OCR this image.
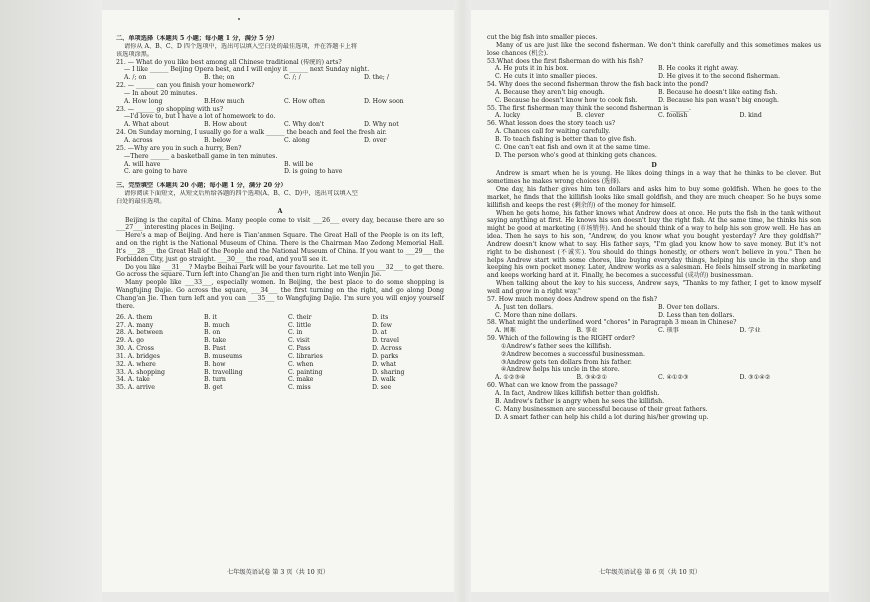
二、单项选择（本题共 5 小题；每小题 1 分，满分 5 分）
请你从 A、B、C、D 四个选项中，选出可以填入空白处的最佳选项，并在答题卡上将
该选项涂黑。
21. — What do you like best among all Chinese traditional (传统的) arts?
— I like ______ Beijing Opera best, and I will enjoy it ______ next Sunday night.
A. /; on	B. the; on	C. /; /	D. the; /
22. — ______ can you finish your homework?
— In about 20 minutes.
A. How long	B.How much	C. How often	D. How soon
23. — ______ go shopping with us?
—I'd love to, but I have a lot of homework to do.
A. What about	B. How about	C. Why don't	D. Why not
24. On Sunday morning, I usually go for a walk ______ the beach and feel the fresh air.
A. across	B. below	C. along	D. over
25. —Why are you in such a hurry, Ben?
—There ______ a basketball game in ten minutes.
A. will have	B. will be
C. are going to have	D. is going to have
三、完型填空（本题共 20 小题；每小题 1 分，满分 20 分）
请你阅读下面短文，从短文后所给各题的四个选项(A、B、C、D)中，选出可以填入空
白处的最佳选项。
A
Beijing is the capital of China. Many people come to visit ___26___ every day, because there are so ___27___ interesting places in Beijing.
Here's a map of Beijing. And here is Tian'anmen Square. The Great Hall of the People is on its left, and on the right is the National Museum of China. There is the Chairman Mao Zedong Memorial Hall. It's ___28___ the Great Hall of the People and the National Museum of China. If you want to ___29___ the Forbidden City, just go straight. ___30___ the road, and you'll see it.
Do you like ___31___? Maybe Beihai Park will be your favourite. Let me tell you ___32___ to get there. Go across the square. Turn left into Chang'an Jie and then turn right into Wenjin Jie.
Many people like ___33___, especially women. In Beijing, the best place to do some shopping is Wangfujing Dajie. Go across the square, ___34___ the first turning on the right, and go along Dong Chang'an Jie. Then turn left and you can ___35___ to Wangfujing Dajie. I'm sure you will enjoy yourself there.
26. A. them	B. it	C. their	D. its
27. A. many	B. much	C. little	D. few
28. A. between	B. on	C. in	D. at
29. A. go	B. take	C. visit	D. travel
30. A. Cross	B. Past	C. Pass	D. Across
31. A. bridges	B. museums	C. libraries	D. parks
32. A. where	B. how	C. when	D. what
33. A. shopping	B. travelling	C. painting	D. sharing
34. A. take	B. turn	C. make	D. walk
35. A. arrive	B. get	C. miss	D. see
七年级英语试卷 第 3 页（共 10 页）
cut the big fish into smaller pieces.
Many of us are just like the second fisherman. We don't think carefully and this sometimes makes us lose chances (机会).
53.What does the first fisherman do with his fish?
A. He puts it in his box.	B. He cooks it right away.
C. He cuts it into smaller pieces.	D. He gives it to the second fisherman.
54. Why does the second fisherman throw the fish back into the pond?
A. Because they aren't big enough.	B. Because he doesn't like eating fish.
C. Because he doesn't know how to cook fish.	D. Because his pan wasn't big enough.
55. The first fisherman may think the second fisherman is ______.
A. lucky	B. clever	C. foolish	D. kind
56. What lesson does the story teach us?
A. Chances call for waiting carefully.
B. To teach fishing is better than to give fish.
C. One can't eat fish and own it at the same time.
D. The person who's good at thinking gets chances.
D
Andrew is smart when he is young. He likes doing things in a way that he thinks to be clever. But sometimes he makes wrong choices (选择).
One day, his father gives him ten dollars and asks him to buy some goldfish. When he goes to the market, he finds that the killifish looks like small goldfish, and they are much cheaper. So he buys some killifish and keeps the rest (剩余的) of the money for himself.
When he gets home, his father knows what Andrew does at once. He puts the fish in the tank without saying anything at first. He knows his son doesn't buy the right fish. At the same time, he thinks his son might be good at marketing (市场销售). And he should think of a way to help his son grow well. He has an idea. Then he says to his son, "Andrew, do you know what you bought yesterday? Are they goldfish?" Andrew doesn't know what to say. His father says, "I'm glad you know how to save money. But it's not right to be dishonest (不诚实). You should do things honestly, or others won't believe in you." Then he helps Andrew start with some chores, like buying everyday things, helping his uncle in the shop and keeping his own pocket money. Later, Andrew works as a salesman. He feels himself strong in marketing and keeps working hard at it. Finally, he becomes a successful (成功的) businessman.
When talking about the key to his success, Andrew says, "Thanks to my father, I get to know myself well and grow in a right way."
57. How much money does Andrew spend on the fish?
A. Just ten dollars.	B. Over ten dollars.
C. More than nine dollars.	D. Less than ten dollars.
58. What might the underlined word "chores" in Paragraph 3 mean in Chinese?
A. 困难	B. 事业	C. 琐事	D. 学业
59. Which of the following is the RIGHT order?
①Andrew's father sees the killifish.
②Andrew becomes a successful businessman.
③Andrew gets ten dollars from his father.
④Andrew helps his uncle in the store.
A. ①②③④	B. ③④②①	C. ④①②③	D. ③①④②
60. What can we know from the passage?
A. In fact, Andrew likes killifish better than goldfish.
B. Andrew's father is angry when he sees the killifish.
C. Many businessmen are successful because of their great fathers.
D. A smart father can help his child a lot during his/her growing up.
七年级英语试卷 第 6 页（共 10 页）
